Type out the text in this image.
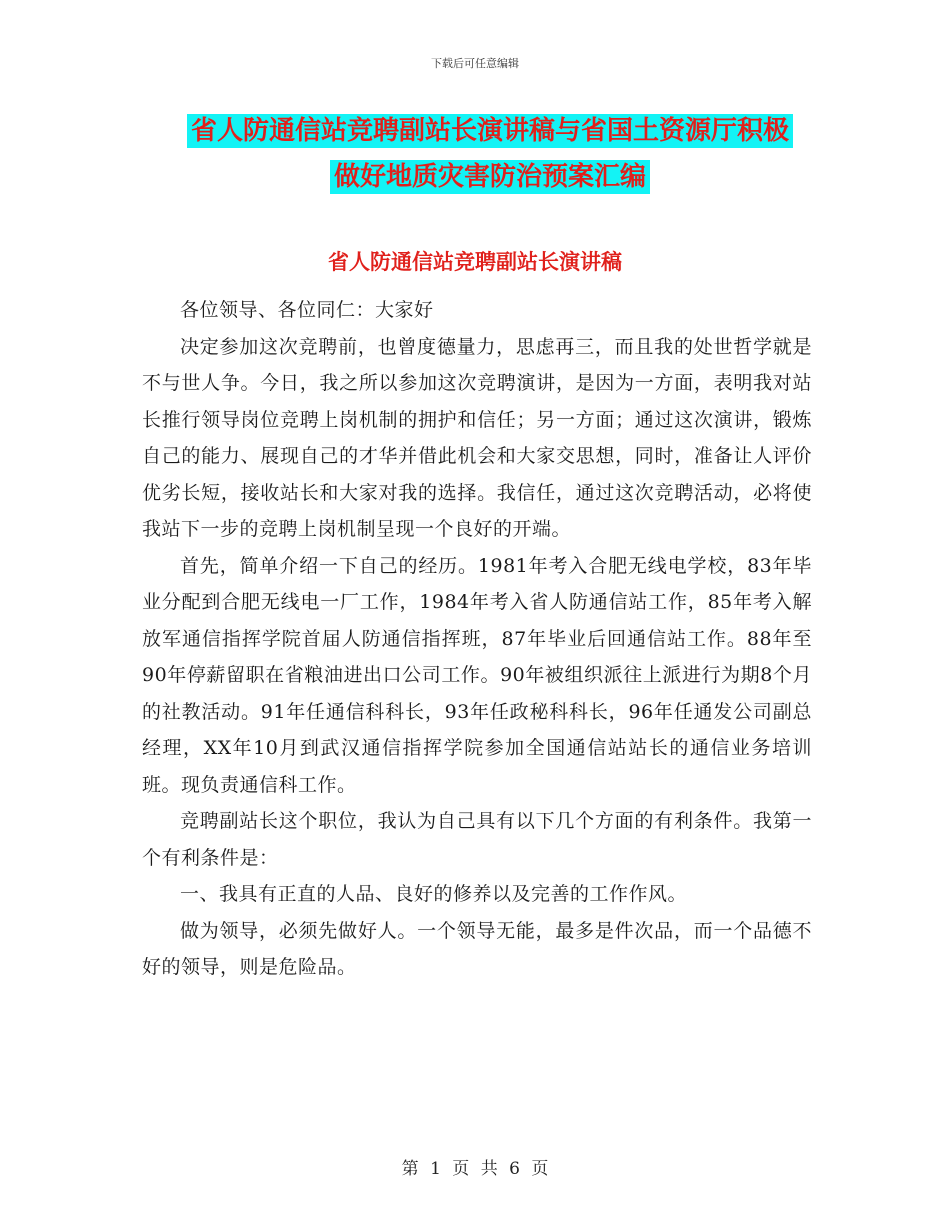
下载后可任意编辑
省人防通信站竞聘副站长演讲稿与省国土资源厅积极
做好地质灾害防治预案汇编
省人防通信站竞聘副站长演讲稿

各位领导、各位同仁：大家好

决定参加这次竞聘前，也曾度德量力，思虑再三，而且我的处世哲学就是不与世人争。今日，我之所以参加这次竞聘演讲，是因为一方面，表明我对站长推行领导岗位竞聘上岗机制的拥护和信任；另一方面；通过这次演讲，锻炼自己的能力、展现自己的才华并借此机会和大家交思想，同时，准备让人评价优劣长短，接收站长和大家对我的选择。我信任，通过这次竞聘活动，必将使我站下一步的竞聘上岗机制呈现一个良好的开端。

首先，简单介绍一下自己的经历。1981年考入合肥无线电学校，83年毕业分配到合肥无线电一厂工作，1984年考入省人防通信站工作，85年考入解放军通信指挥学院首届人防通信指挥班，87年毕业后回通信站工作。88年至90年停薪留职在省粮油进出口公司工作。90年被组织派往上派进行为期8个月的社教活动。91年任通信科科长，93年任政秘科科长，96年任通发公司副总经理，XX年10月到武汉通信指挥学院参加全国通信站站长的通信业务培训班。现负责通信科工作。

竞聘副站长这个职位，我认为自己具有以下几个方面的有利条件。我第一个有利条件是：

一、我具有正直的人品、良好的修养以及完善的工作作风。

做为领导，必须先做好人。一个领导无能，最多是件次品，而一个品德不好的领导，则是危险品。

第 1 页 共 6 页
